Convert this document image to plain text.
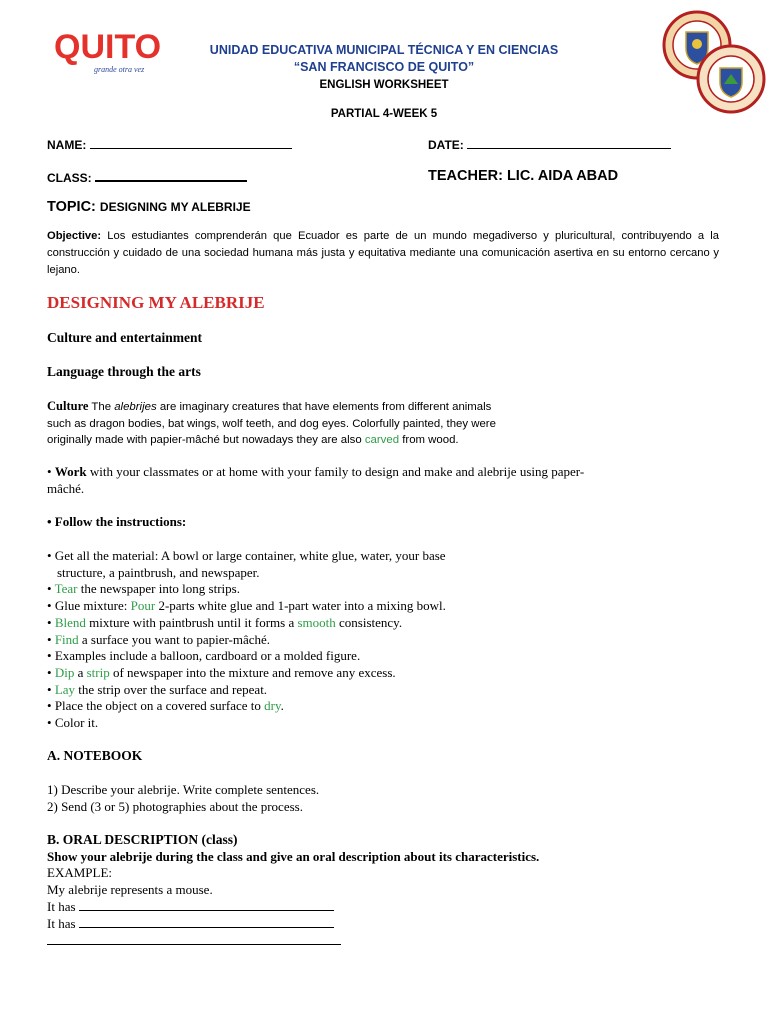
QUITO
grande otra vez
UNIDAD EDUCATIVA MUNICIPAL TÉCNICA Y EN CIENCIAS
“SAN FRANCISCO DE QUITO”
ENGLISH WORKSHEET
PARTIAL 4-WEEK 5
NAME:	DATE:
CLASS:	TEACHER: LIC. AIDA ABAD
TOPIC: DESIGNING MY ALEBRIJE
Objective: Los estudiantes comprenderán que Ecuador es parte de un mundo megadiverso y pluricultural, contribuyendo a la construcción y cuidado de una sociedad humana más justa y equitativa mediante una comunicación asertiva en su entorno cercano y lejano.
DESIGNING MY ALEBRIJE
Culture and entertainment
Language through the arts
Culture The alebrijes are imaginary creatures that have elements from different animals
such as dragon bodies, bat wings, wolf teeth, and dog eyes. Colorfully painted, they were
originally made with papier-mâché but nowadays they are also carved from wood.
• Work with your classmates or at home with your family to design and make and alebrije using paper-
mâché.
• Follow the instructions:
• Get all the material: A bowl or large container, white glue, water, your base
structure, a paintbrush, and newspaper.
• Tear the newspaper into long strips.
• Glue mixture: Pour 2-parts white glue and 1-part water into a mixing bowl.
• Blend mixture with paintbrush until it forms a smooth consistency.
• Find a surface you want to papier-mâché.
• Examples include a balloon, cardboard or a molded figure.
• Dip a strip of newspaper into the mixture and remove any excess.
• Lay the strip over the surface and repeat.
• Place the object on a covered surface to dry.
• Color it.
A. NOTEBOOK
1) Describe your alebrije. Write complete sentences.
2) Send (3 or 5) photographies about the process.
B. ORAL DESCRIPTION (class)
Show your alebrije during the class and give an oral description about its characteristics.
EXAMPLE:
My alebrije represents a mouse.
It has
It has
